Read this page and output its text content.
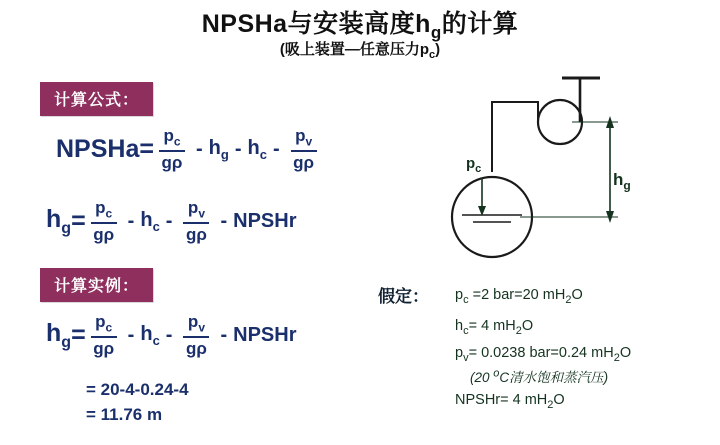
NPSHa与安装高度$h_g$的计算
(吸上装置—任意压力$p_c$)
计算公式：
NPSHa = $\frac{p_c}{g\rho} - h_g - h_c - \frac{p_v}{g\rho}$
$h_g = \frac{p_c}{g\rho} - h_c - \frac{p_v}{g\rho}$ - NPSHr
计算实例：
$h_g = \frac{p_c}{g\rho} - h_c - \frac{p_v}{g\rho}$ - NPSHr
= 20-4-0.24-4
= 11.76 m
$p_c$
$h_g$
假定： $p_c =2$ bar=20 $mH_2O$
$h_c= 4$ $mH_2O$
$p_v= 0.0238$ bar=0.24 $mH_2O$
(20 $^o$C清水饱和蒸汽压)
NPSHr= 4 $mH_2O$
